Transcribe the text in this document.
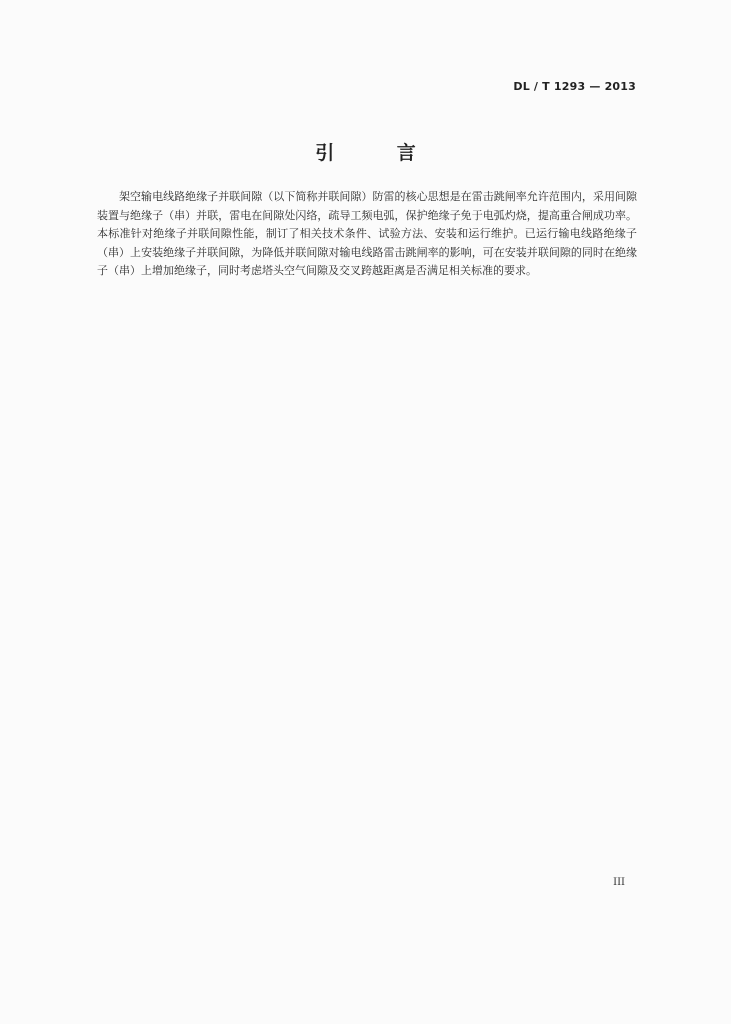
DL / T 1293 — 2013
引 言

架空输电线路绝缘子并联间隙（以下简称并联间隙）防雷的核心思想是在雷击跳闸率允许范围内，采用间隙装置与绝缘子（串）并联，雷电在间隙处闪络，疏导工频电弧，保护绝缘子免于电弧灼烧，提高重合闸成功率。本标准针对绝缘子并联间隙性能，制订了相关技术条件、试验方法、安装和运行维护。已运行输电线路绝缘子（串）上安装绝缘子并联间隙，为降低并联间隙对输电线路雷击跳闸率的影响，可在安装并联间隙的同时在绝缘子（串）上增加绝缘子，同时考虑塔头空气间隙及交叉跨越距离是否满足相关标准的要求。

III
